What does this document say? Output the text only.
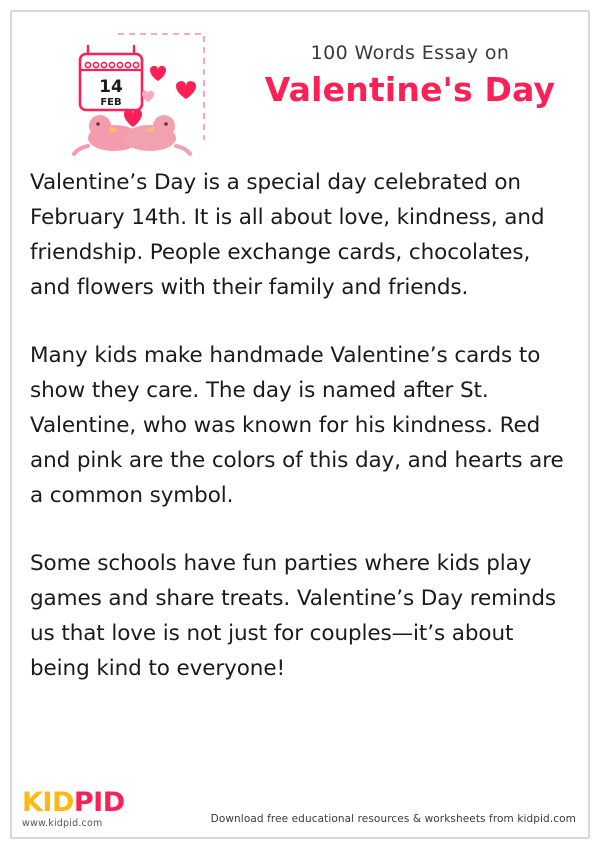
14
FEB

100 Words Essay on

Valentine's Day

Valentine’s Day is a special day celebrated on February 14th. It is all about love, kindness, and friendship. People exchange cards, chocolates, and flowers with their family and friends.

Many kids make handmade Valentine’s cards to show they care. The day is named after St. Valentine, who was known for his kindness. Red and pink are the colors of this day, and hearts are a common symbol.

Some schools have fun parties where kids play games and share treats. Valentine’s Day reminds us that love is not just for couples—it’s about being kind to everyone!

KIDPID
www.kidpid.com	Download free educational resources & worksheets from kidpid.com
